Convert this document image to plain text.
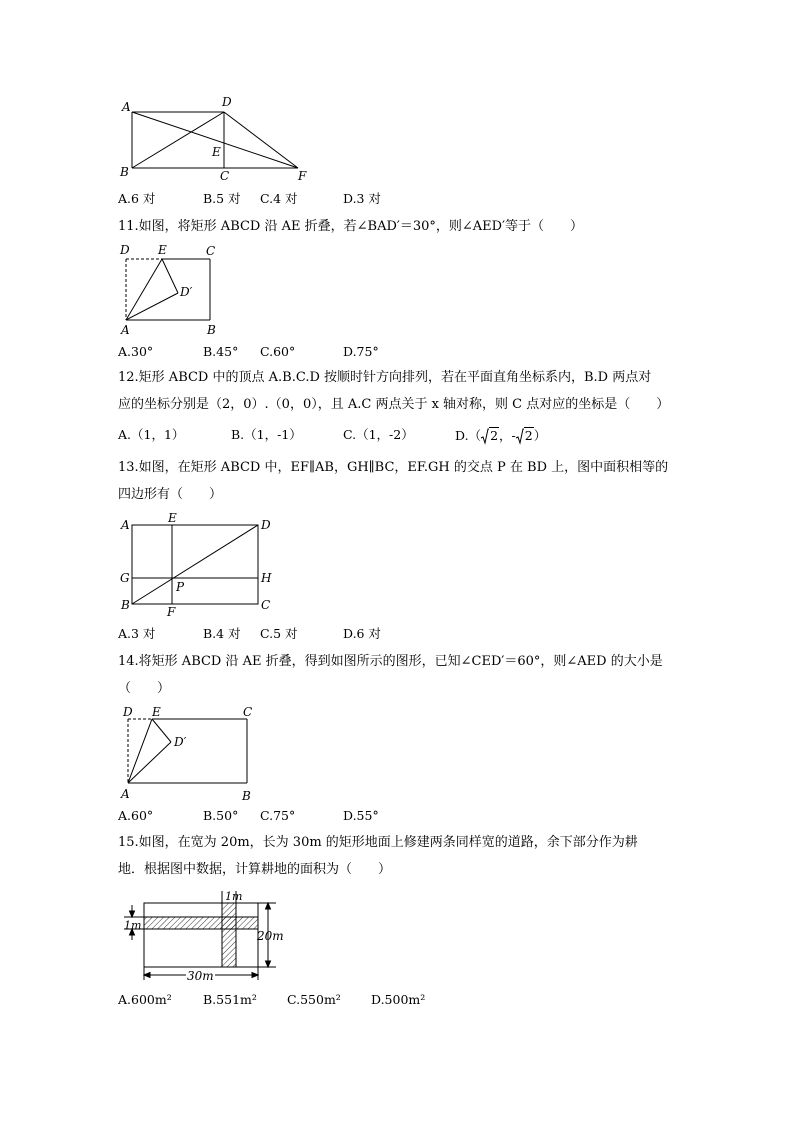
A	D
E
B	C	F
A.6 对	B.5 对 C.4 对	D.3 对
11.如图，将矩形 ABCD 沿 AE 折叠，若∠BAD′＝30°，则∠AED′等于（　　）
D E	C
D′
A	B
A.30°	B.45° C.60°	D.75°
12.矩形 ABCD 中的顶点 A.B.C.D 按顺时针方向排列，若在平面直角坐标系内，B.D 两点对
应的坐标分别是（2，0）.（0，0），且 A.C 两点关于 x 轴对称，则 C 点对应的坐标是（　　）
A.（1，1）	B.（1，-1）	C.（1，-2）	D.（ 2 ，- 2 ）
13.如图，在矩形 ABCD 中，EF∥AB，GH∥BC，EF.GH 的交点 P 在 BD 上，图中面积相等的
四边形有（　　）
A	E	D
G	H
P
B	F	C
A.3 对	B.4 对 C.5 对	D.6 对
14.将矩形 ABCD 沿 AE 折叠，得到如图所示的图形，已知∠CED′＝60°，则∠AED 的大小是
（　　）
D E	C
D′
A	B
A.60°	B.50° C.75°	D.55°
15.如图，在宽为 20m，长为 30m 的矩形地面上修建两条同样宽的道路，余下部分作为耕
地．根据图中数据，计算耕地的面积为（　　）
1m
1m
20m
30m
A.600m²	B.551m² C.550m² D.500m²
